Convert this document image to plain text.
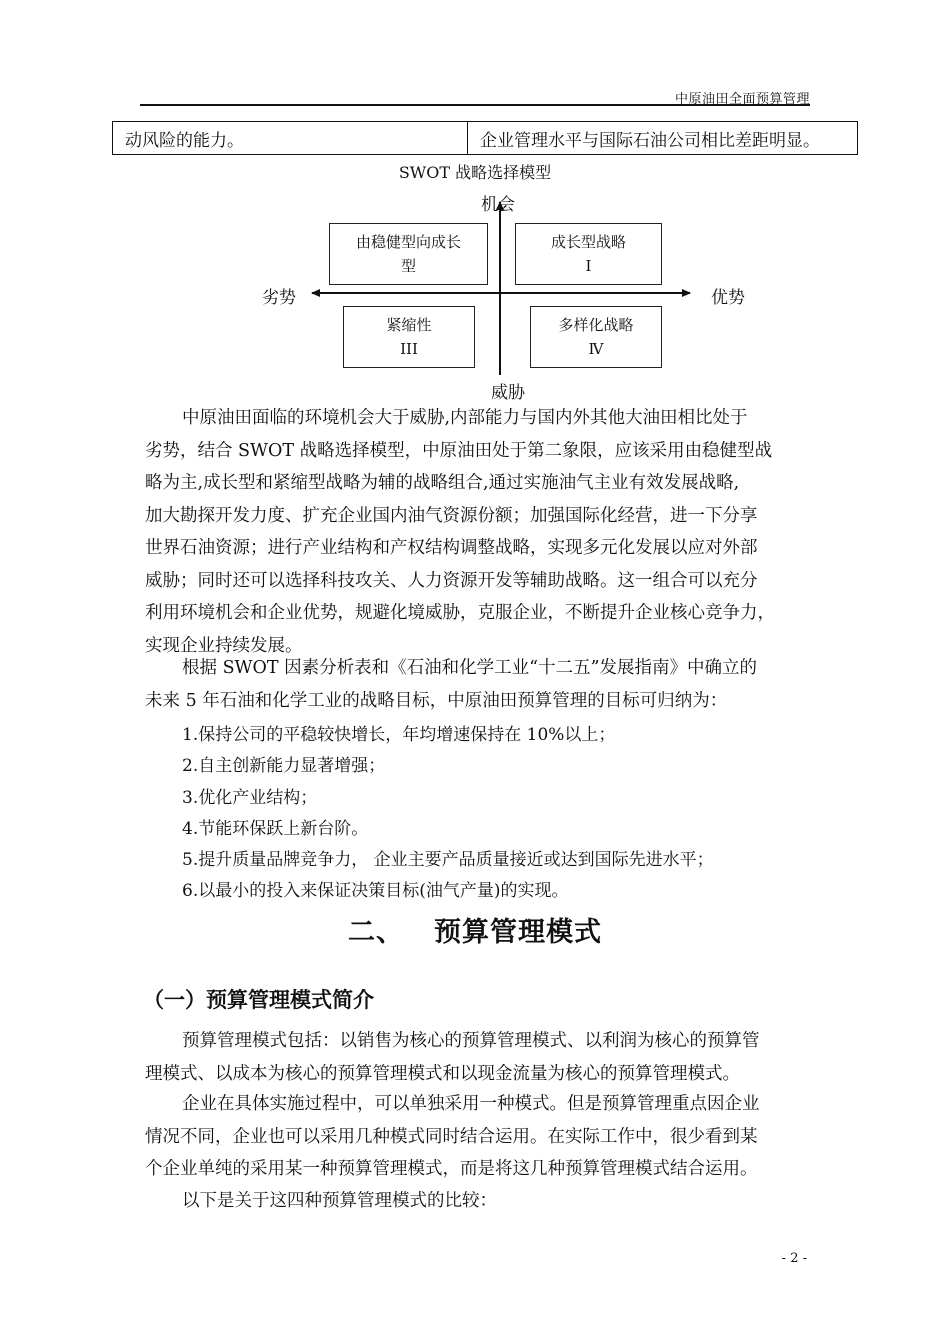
中原油田全面预算管理
动风险的能力。	企业管理水平与国际石油公司相比差距明显。
SWOT 战略选择模型
机会
威胁
劣势	优势
由稳健型向成长
型
成长型战略
I
紧缩性
III
多样化战略
Ⅳ
中原油田面临的环境机会大于威胁,内部能力与国内外其他大油田相比处于
劣势，结合 SWOT 战略选择模型，中原油田处于第二象限，应该采用由稳健型战
略为主,成长型和紧缩型战略为辅的战略组合,通过实施油气主业有效发展战略,
加大勘探开发力度、扩充企业国内油气资源份额；加强国际化经营，进一下分享
世界石油资源；进行产业结构和产权结构调整战略，实现多元化发展以应对外部
威胁；同时还可以选择科技攻关、人力资源开发等辅助战略。这一组合可以充分
利用环境机会和企业优势，规避化境威胁，克服企业，不断提升企业核心竞争力，
实现企业持续发展。
根据 SWOT 因素分析表和《石油和化学工业“十二五”发展指南》中确立的
未来 5 年石油和化学工业的战略目标，中原油田预算管理的目标可归纳为：
1.保持公司的平稳较快增长，年均增速保持在 10%以上；
2.自主创新能力显著增强；
3.优化产业结构；
4.节能环保跃上新台阶。
5.提升质量品牌竞争力， 企业主要产品质量接近或达到国际先进水平；
6.以最小的投入来保证决策目标(油气产量)的实现。
二、 预算管理模式
（一）预算管理模式简介
预算管理模式包括：以销售为核心的预算管理模式、以利润为核心的预算管
理模式、以成本为核心的预算管理模式和以现金流量为核心的预算管理模式。
企业在具体实施过程中，可以单独采用一种模式。但是预算管理重点因企业
情况不同，企业也可以采用几种模式同时结合运用。在实际工作中，很少看到某
个企业单纯的采用某一种预算管理模式，而是将这几种预算管理模式结合运用。
以下是关于这四种预算管理模式的比较：
- 2 -
